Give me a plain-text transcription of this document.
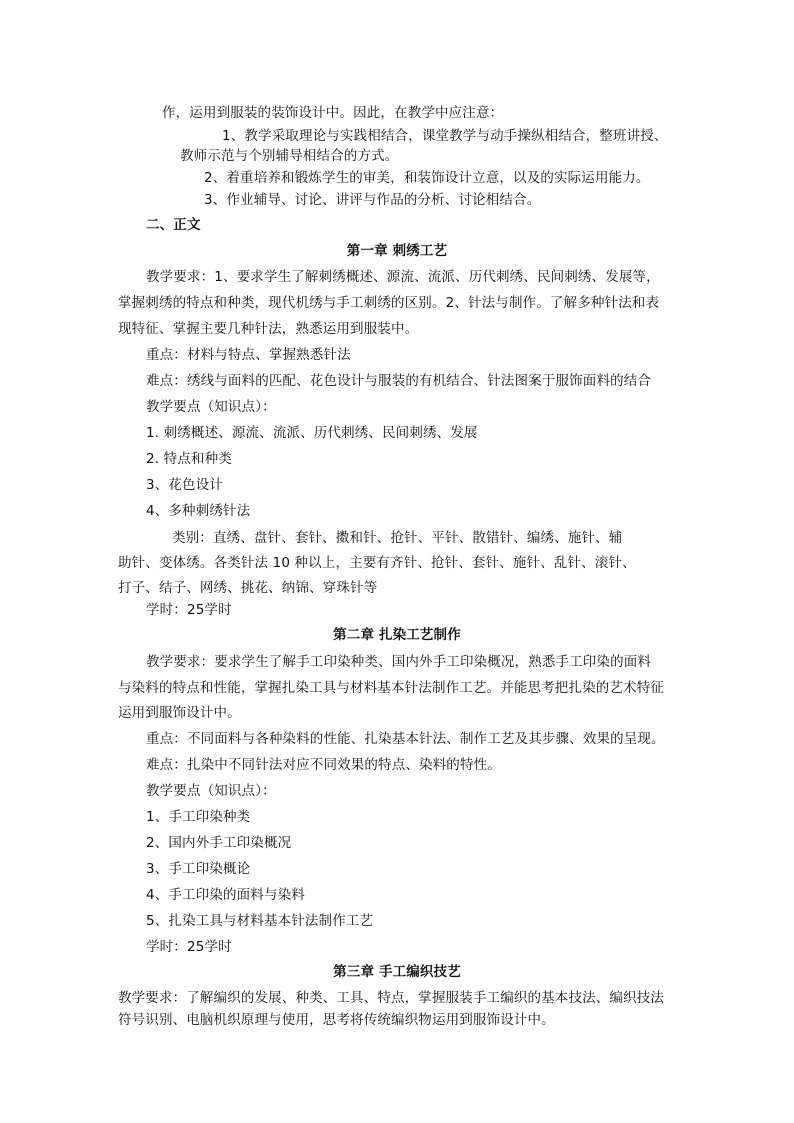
作，运用到服装的装饰设计中。因此，在教学中应注意：
1、教学采取理论与实践相结合，课堂教学与动手操纵相结合，整班讲授、
教师示范与个别辅导相结合的方式。
2、着重培养和锻炼学生的审美，和装饰设计立意，以及的实际运用能力。
3、作业辅导、讨论、讲评与作品的分析、讨论相结合。
二、正文
第一章 刺绣工艺
教学要求：1、要求学生了解刺绣概述、源流、流派、历代刺绣、民间刺绣、发展等，
掌握刺绣的特点和种类，现代机绣与手工刺绣的区别。2、针法与制作。了解多种针法和表
现特征、掌握主要几种针法，熟悉运用到服装中。
重点：材料与特点、掌握熟悉针法
难点：绣线与面料的匹配、花色设计与服装的有机结合、针法图案于服饰面料的结合
教学要点（知识点）：
1. 刺绣概述、源流、流派、历代刺绣、民间刺绣、发展
2. 特点和种类
3、花色设计
4、多种刺绣针法
类别：直绣、盘针、套针、擞和针、抢针、平针、散错针、编绣、施针、辅
助针、变体绣。各类针法 10 种以上，主要有齐针、抢针、套针、施针、乱针、滚针、
打子、结子、网绣、挑花、纳锦、穿珠针等
学时：25学时
第二章 扎染工艺制作
教学要求：要求学生了解手工印染种类、国内外手工印染概况，熟悉手工印染的面料
与染料的特点和性能，掌握扎染工具与材料基本针法制作工艺。并能思考把扎染的艺术特征
运用到服饰设计中。
重点：不同面料与各种染料的性能、扎染基本针法、制作工艺及其步骤、效果的呈现。
难点：扎染中不同针法对应不同效果的特点、染料的特性。
教学要点（知识点）：
1、手工印染种类
2、国内外手工印染概况
3、手工印染概论
4、手工印染的面料与染料
5、扎染工具与材料基本针法制作工艺
学时：25学时
第三章 手工编织技艺
教学要求：了解编织的发展、种类、工具、特点，掌握服装手工编织的基本技法、编织技法
符号识别、电脑机织原理与使用，思考将传统编织物运用到服饰设计中。
